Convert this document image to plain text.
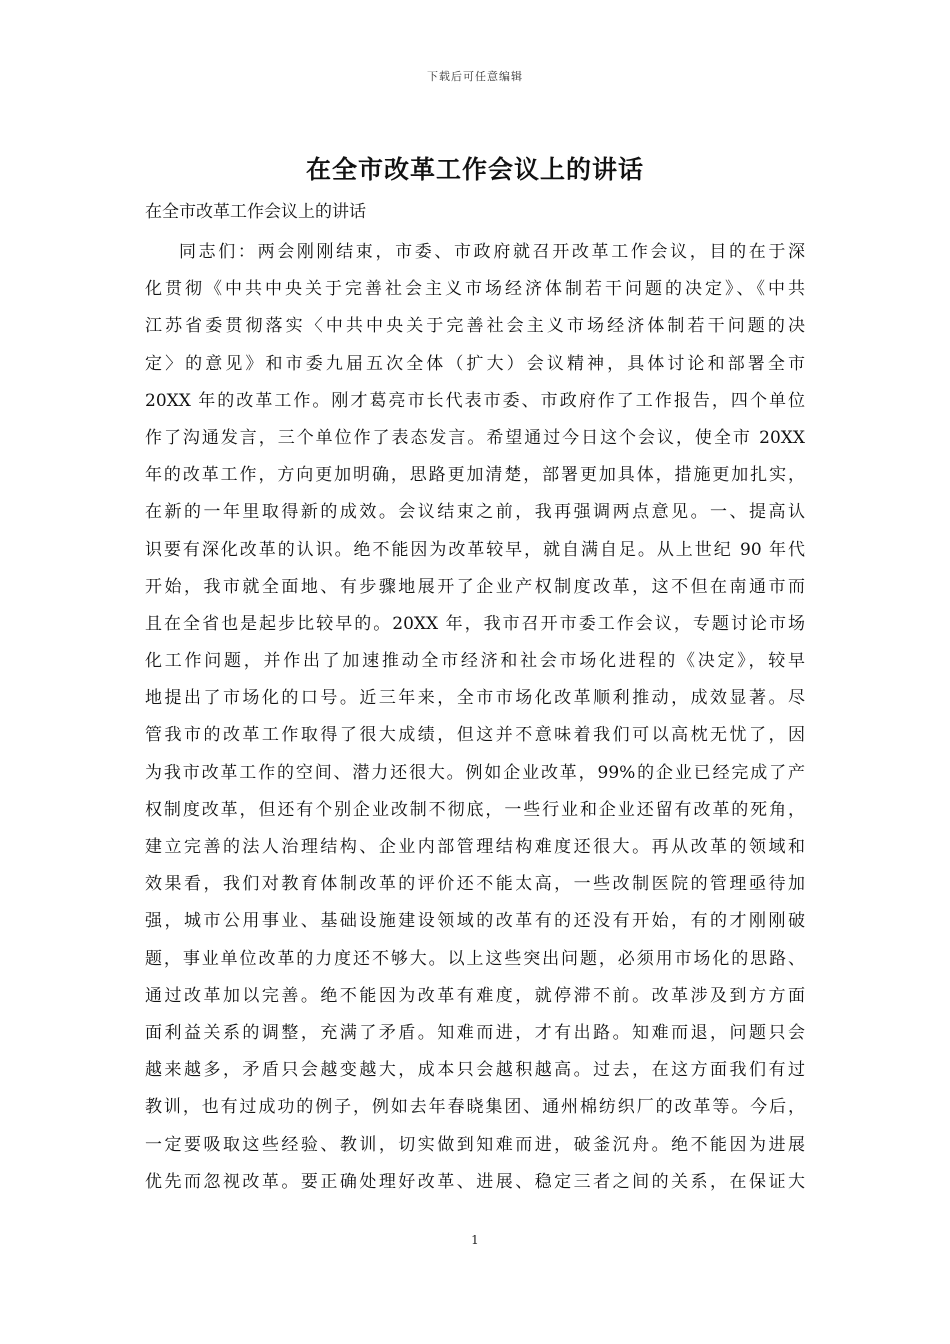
下载后可任意编辑
在全市改革工作会议上的讲话
在全市改革工作会议上的讲话
同志们：两会刚刚结束，市委、市政府就召开改革工作会议，目的在于深
化贯彻《中共中央关于完善社会主义市场经济体制若干问题的决定》、《中共
江苏省委贯彻落实〈中共中央关于完善社会主义市场经济体制若干问题的决
定〉的意见》和市委九届五次全体（扩大）会议精神，具体讨论和部署全市
20XX 年的改革工作。刚才葛亮市长代表市委、市政府作了工作报告，四个单位
作了沟通发言，三个单位作了表态发言。希望通过今日这个会议，使全市 20XX
年的改革工作，方向更加明确，思路更加清楚，部署更加具体，措施更加扎实，
在新的一年里取得新的成效。会议结束之前，我再强调两点意见。一、提高认
识要有深化改革的认识。绝不能因为改革较早，就自满自足。从上世纪 90 年代
开始，我市就全面地、有步骤地展开了企业产权制度改革，这不但在南通市而
且在全省也是起步比较早的。20XX 年，我市召开市委工作会议，专题讨论市场
化工作问题，并作出了加速推动全市经济和社会市场化进程的《决定》，较早
地提出了市场化的口号。近三年来，全市市场化改革顺利推动，成效显著。尽
管我市的改革工作取得了很大成绩，但这并不意味着我们可以高枕无忧了，因
为我市改革工作的空间、潜力还很大。例如企业改革，99%的企业已经完成了产
权制度改革，但还有个别企业改制不彻底，一些行业和企业还留有改革的死角，
建立完善的法人治理结构、企业内部管理结构难度还很大。再从改革的领域和
效果看，我们对教育体制改革的评价还不能太高，一些改制医院的管理亟待加
强，城市公用事业、基础设施建设领域的改革有的还没有开始，有的才刚刚破
题，事业单位改革的力度还不够大。以上这些突出问题，必须用市场化的思路、
通过改革加以完善。绝不能因为改革有难度，就停滞不前。改革涉及到方方面
面利益关系的调整，充满了矛盾。知难而进，才有出路。知难而退，问题只会
越来越多，矛盾只会越变越大，成本只会越积越高。过去，在这方面我们有过
教训，也有过成功的例子，例如去年春晓集团、通州棉纺织厂的改革等。今后，
一定要吸取这些经验、教训，切实做到知难而进，破釜沉舟。绝不能因为进展
优先而忽视改革。要正确处理好改革、进展、稳定三者之间的关系，在保证大
1
